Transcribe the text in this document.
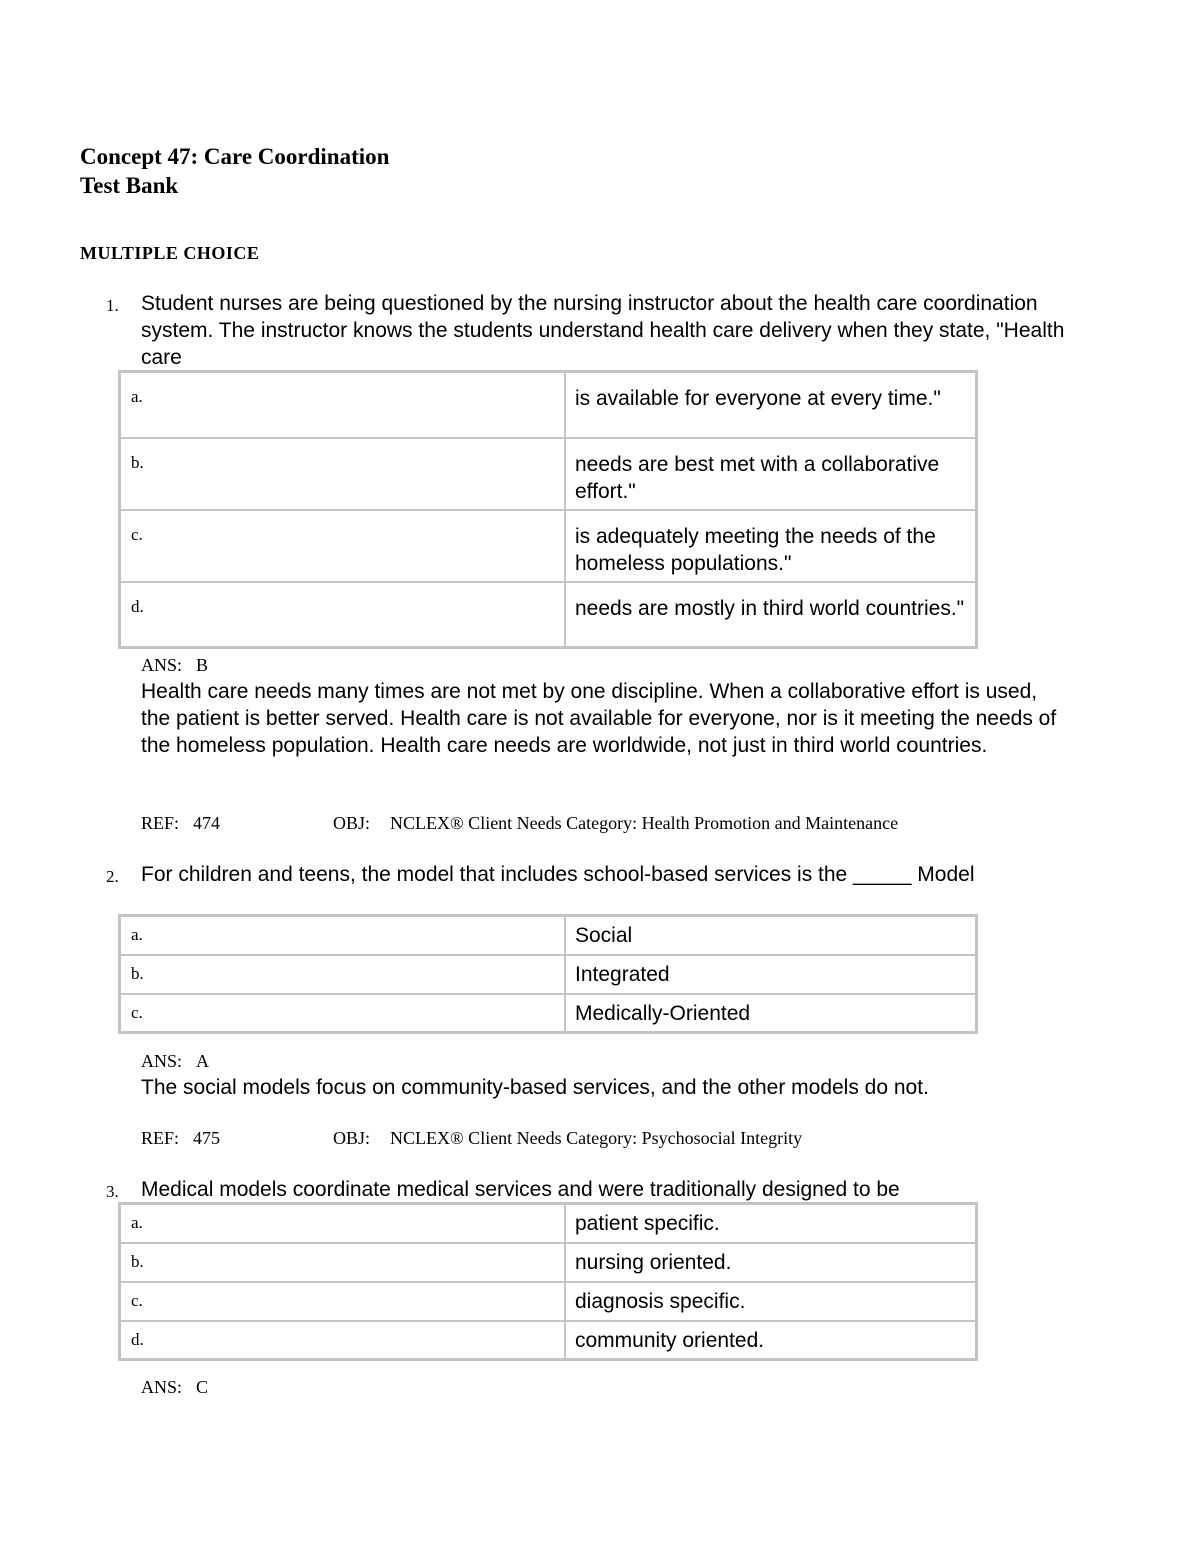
Concept 47: Care Coordination
Test Bank
MULTIPLE CHOICE
1. Student nurses are being questioned by the nursing instructor about the health care coordination system. The instructor knows the students understand health care delivery when they state, "Health care
a.	is available for everyone at every time."
b.	needs are best met with a collaborative effort."
c.	is adequately meeting the needs of the homeless populations."
d.	needs are mostly in third world countries."
ANS: B
Health care needs many times are not met by one discipline. When a collaborative effort is used, the patient is better served. Health care is not available for everyone, nor is it meeting the needs of the homeless population. Health care needs are worldwide, not just in third world countries.
REF: 474	OBJ: NCLEX® Client Needs Category: Health Promotion and Maintenance
2. For children and teens, the model that includes school-based services is the _____ Model
a.	Social
b.	Integrated
c.	Medically-Oriented
ANS: A
The social models focus on community-based services, and the other models do not.
REF: 475	OBJ: NCLEX® Client Needs Category: Psychosocial Integrity
3. Medical models coordinate medical services and were traditionally designed to be
a.	patient specific.
b.	nursing oriented.
c.	diagnosis specific.
d.	community oriented.
ANS: C
